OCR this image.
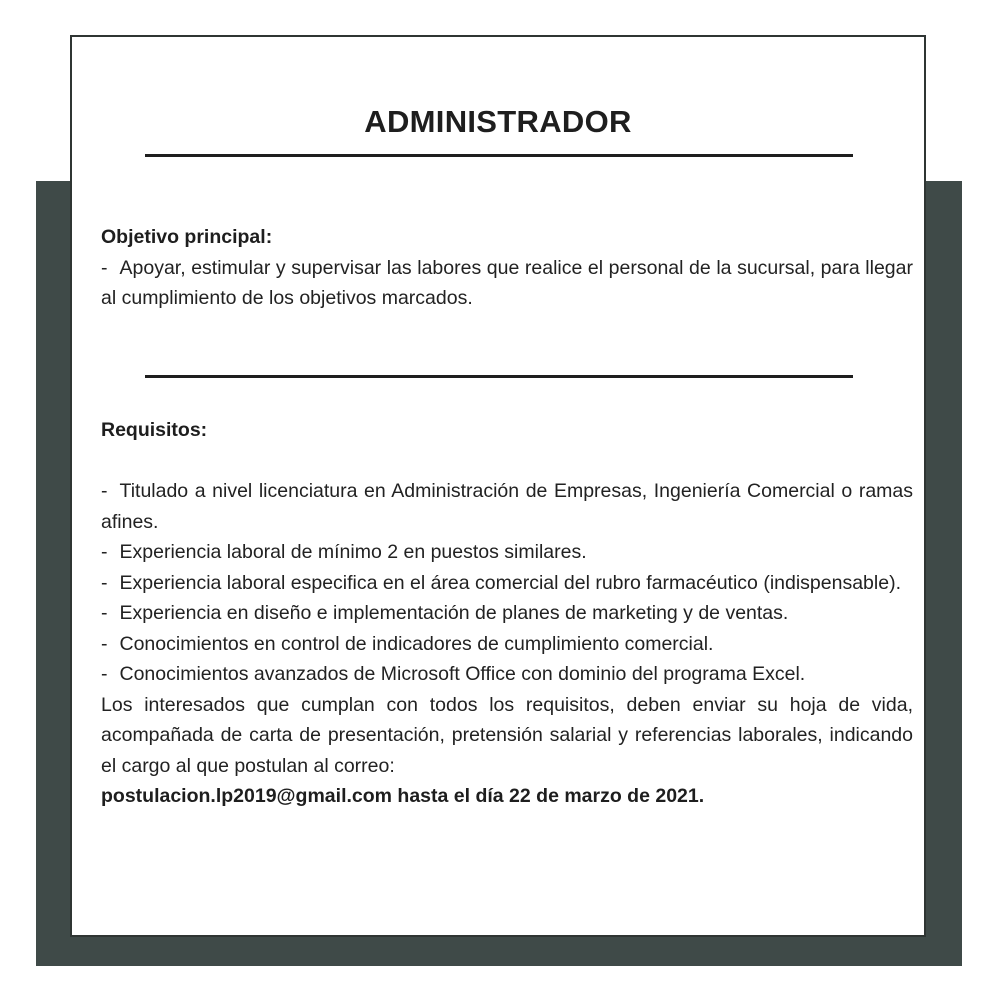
ADMINISTRADOR

Objetivo principal:

- Apoyar, estimular y supervisar las labores que realice el personal de la sucursal, para llegar al cumplimiento de los objetivos marcados.

Requisitos:

- Titulado a nivel licenciatura en Administración de Empresas, Ingeniería Comercial o ramas afines.

- Experiencia laboral de mínimo 2 en puestos similares.

- Experiencia laboral especifica en el área comercial del rubro farmacéutico (indispensable).

- Experiencia en diseño e implementación de planes de marketing y de ventas.

- Conocimientos en control de indicadores de cumplimiento comercial.

- Conocimientos avanzados de Microsoft Office con dominio del programa Excel.

Los interesados que cumplan con todos los requisitos, deben enviar su hoja de vida, acompañada de carta de presentación, pretensión salarial y referencias laborales, indicando el cargo al que postulan al correo:

postulacion.lp2019@gmail.com hasta el día 22 de marzo de 2021.
